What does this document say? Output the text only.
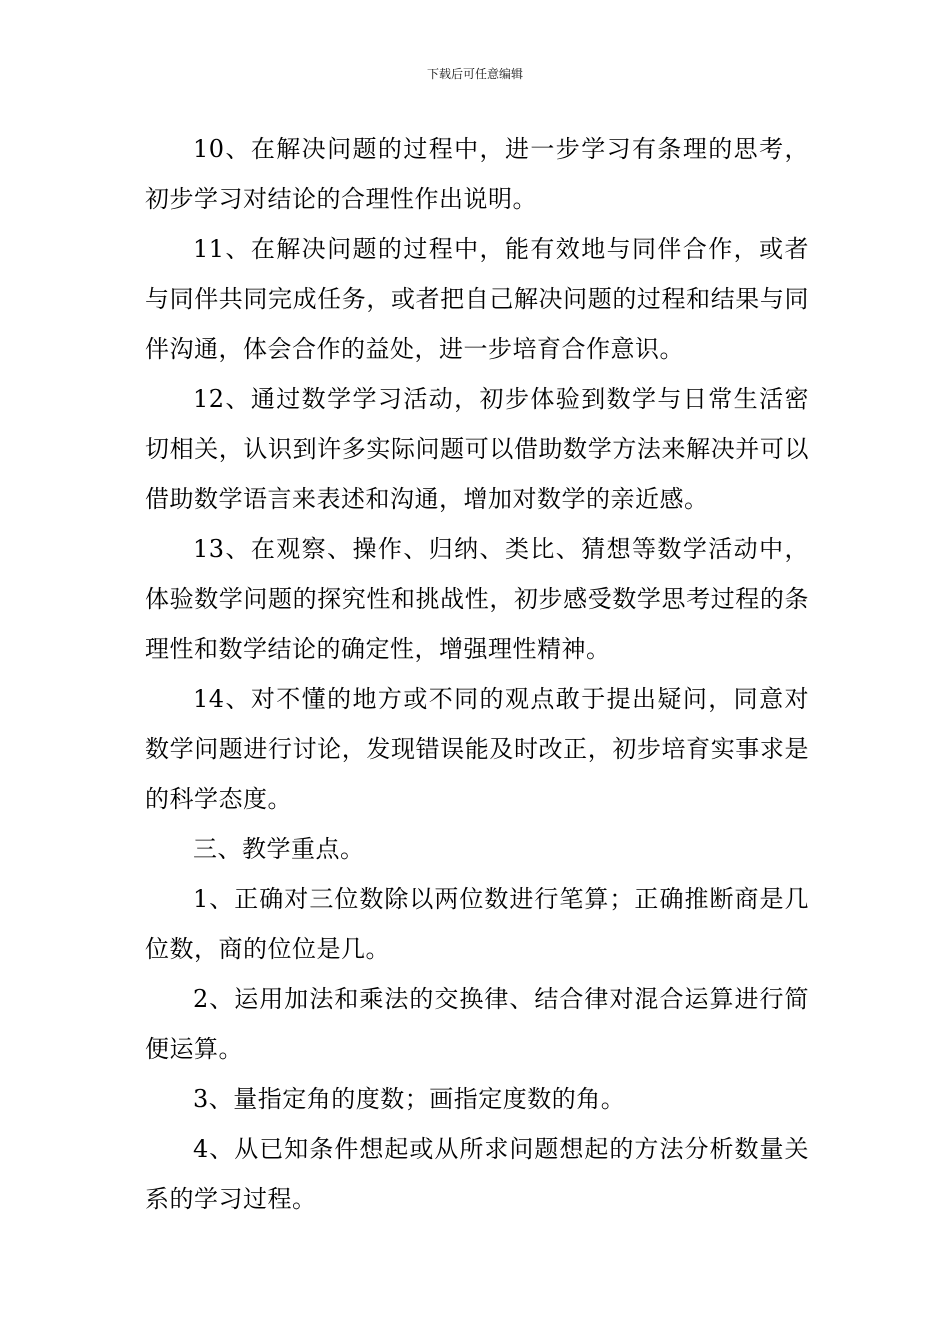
下载后可任意编辑

10、在解决问题的过程中，进一步学习有条理的思考，初步学习对结论的合理性作出说明。

11、在解决问题的过程中，能有效地与同伴合作，或者与同伴共同完成任务，或者把自己解决问题的过程和结果与同伴沟通，体会合作的益处，进一步培育合作意识。

12、通过数学学习活动，初步体验到数学与日常生活密切相关，认识到许多实际问题可以借助数学方法来解决并可以借助数学语言来表述和沟通，增加对数学的亲近感。

13、在观察、操作、归纳、类比、猜想等数学活动中，体验数学问题的探究性和挑战性，初步感受数学思考过程的条理性和数学结论的确定性，增强理性精神。

14、对不懂的地方或不同的观点敢于提出疑问，同意对数学问题进行讨论，发现错误能及时改正，初步培育实事求是的科学态度。

三、教学重点。

1、正确对三位数除以两位数进行笔算；正确推断商是几位数，商的位位是几。

2、运用加法和乘法的交换律、结合律对混合运算进行简便运算。

3、量指定角的度数；画指定度数的角。

4、从已知条件想起或从所求问题想起的方法分析数量关系的学习过程。
